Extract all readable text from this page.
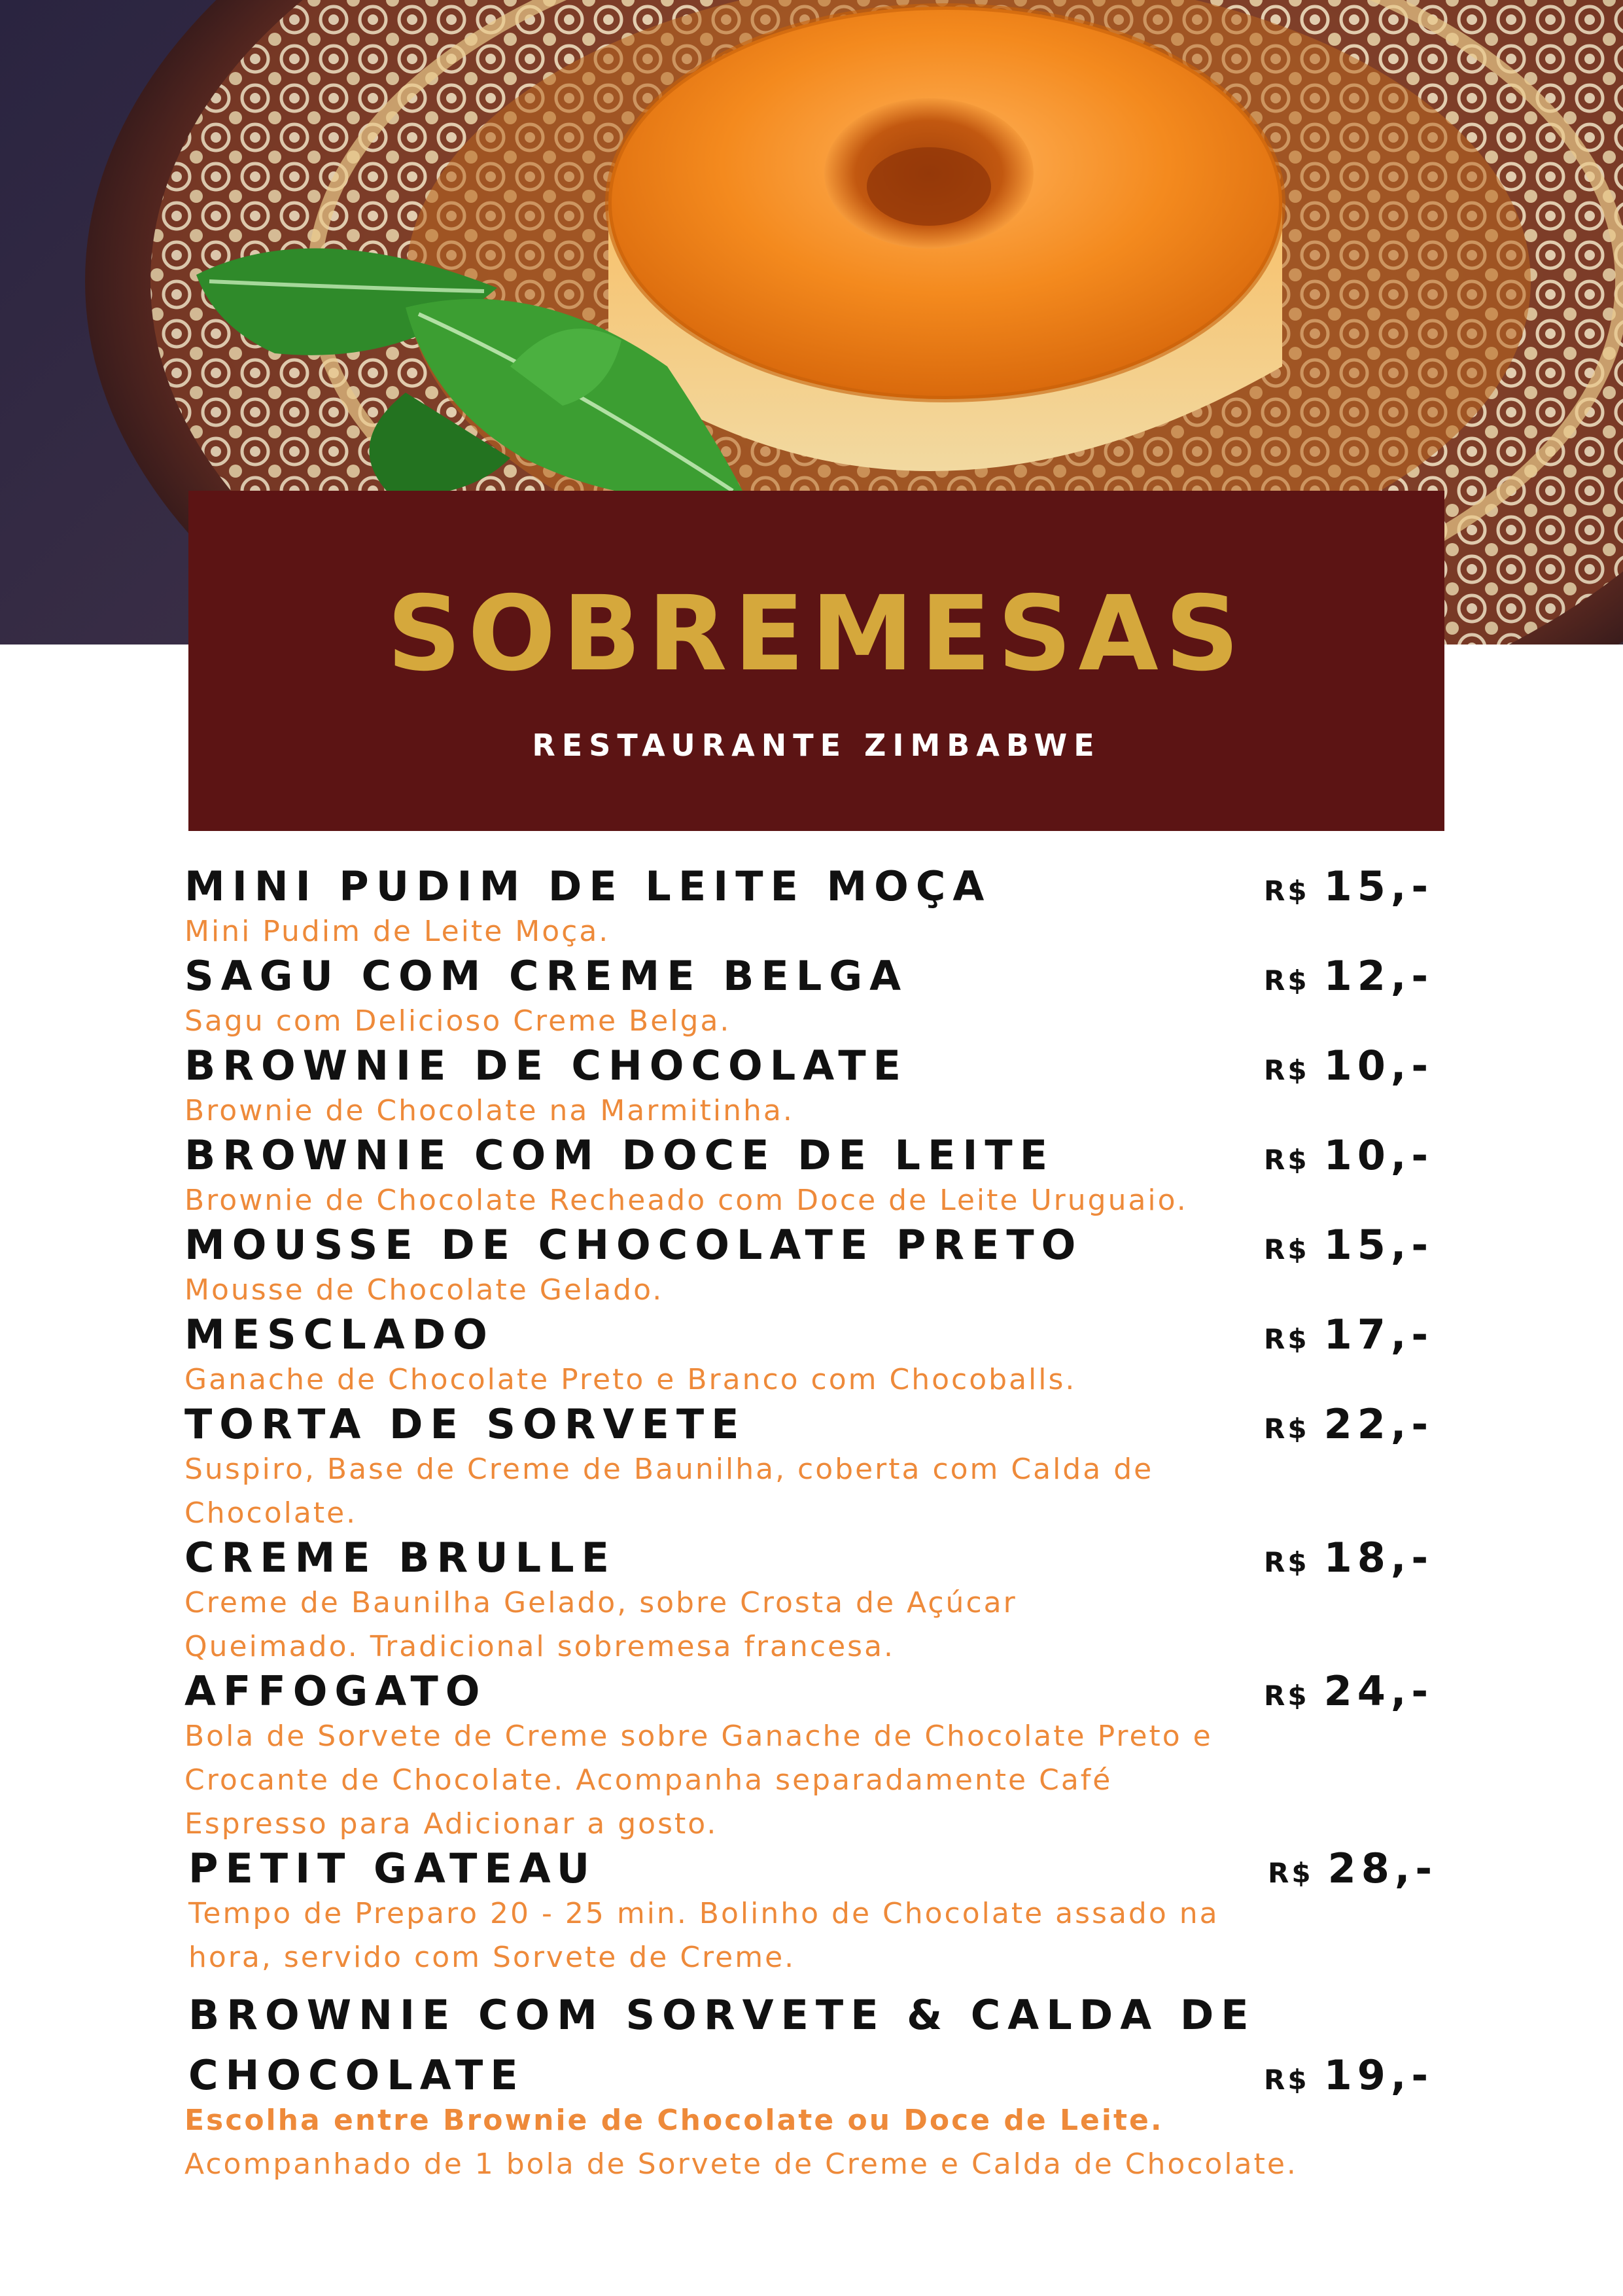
SOBREMESAS
RESTAURANTE ZIMBABWE
MINI PUDIM DE LEITE MOÇA	R$ 15,-
Mini Pudim de Leite Moça.
SAGU COM CREME BELGA	R$ 12,-
Sagu com Delicioso Creme Belga.
BROWNIE DE CHOCOLATE	R$ 10,-
Brownie de Chocolate na Marmitinha.
BROWNIE COM DOCE DE LEITE	R$ 10,-
Brownie de Chocolate Recheado com Doce de Leite Uruguaio.
MOUSSE DE CHOCOLATE PRETO	R$ 15,-
Mousse de Chocolate Gelado.
MESCLADO	R$ 17,-
Ganache de Chocolate Preto e Branco com Chocoballs.
TORTA DE SORVETE	R$ 22,-
Suspiro, Base de Creme de Baunilha, coberta com Calda de
Chocolate.
CREME BRULLE	R$ 18,-
Creme de Baunilha Gelado, sobre Crosta de Açúcar
Queimado. Tradicional sobremesa francesa.
AFFOGATO	R$ 24,-
Bola de Sorvete de Creme sobre Ganache de Chocolate Preto e
Crocante de Chocolate. Acompanha separadamente Café
Espresso para Adicionar a gosto.
PETIT GATEAU	R$ 28,-
Tempo de Preparo 20 - 25 min. Bolinho de Chocolate assado na
hora, servido com Sorvete de Creme.
BROWNIE COM SORVETE & CALDA DE
CHOCOLATE	R$ 19,-
Escolha entre Brownie de Chocolate ou Doce de Leite.
Acompanhado de 1 bola de Sorvete de Creme e Calda de Chocolate.
